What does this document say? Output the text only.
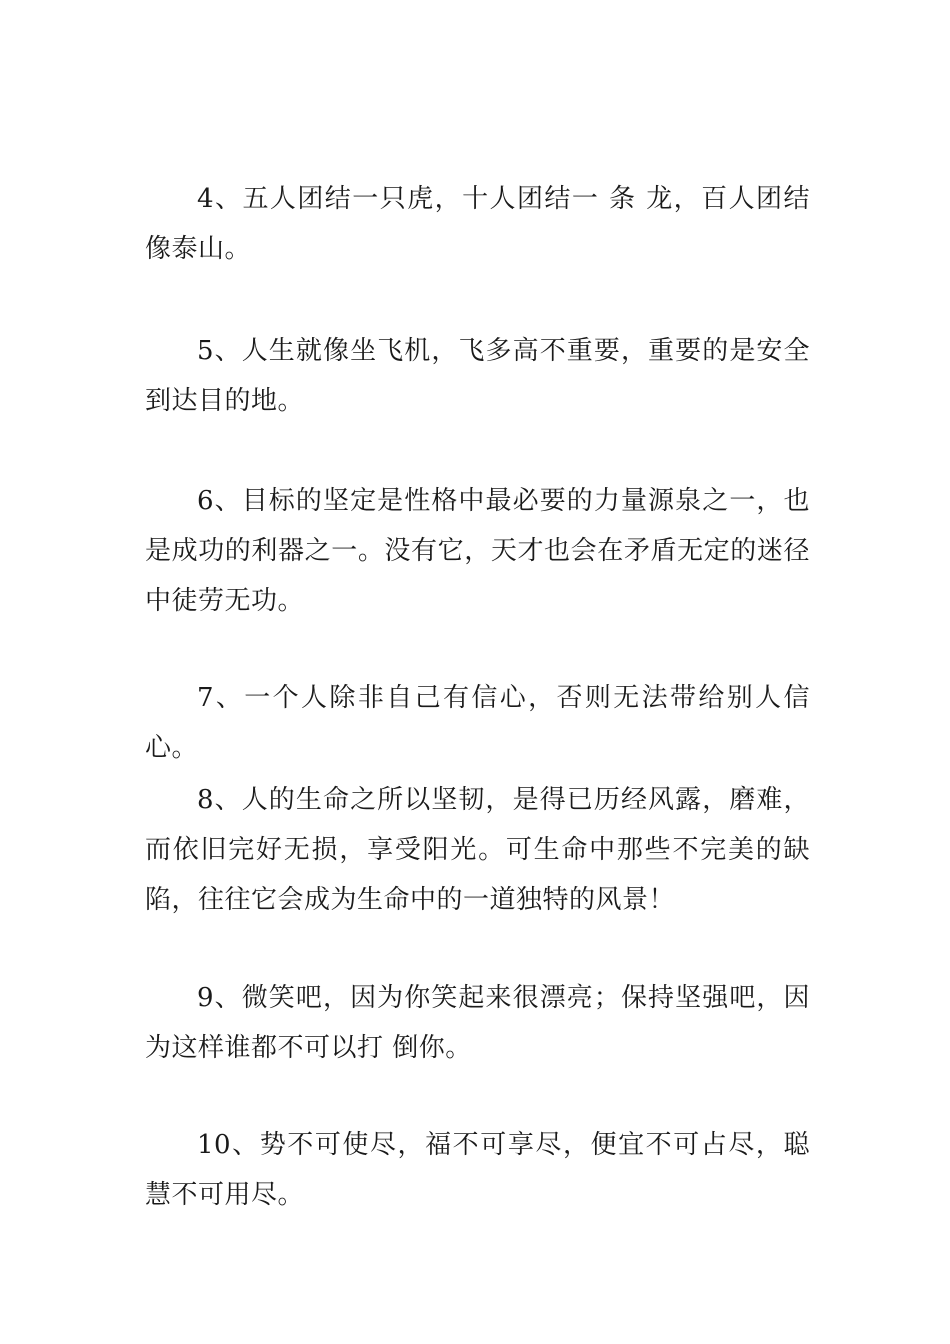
4、五人团结一只虎，十人团结一 条 龙，百人团结像泰山。

5、人生就像坐飞机，飞多高不重要，重要的是安全到达目的地。

6、目标的坚定是性格中最必要的力量源泉之一，也是成功的利器之一。没有它，天才也会在矛盾无定的迷径中徒劳无功。

7、一个人除非自己有信心，否则无法带给别人信心。

8、人的生命之所以坚韧，是得已历经风露，磨难，而依旧完好无损，享受阳光。可生命中那些不完美的缺陷，往往它会成为生命中的一道独特的风景！

9、微笑吧，因为你笑起来很漂亮；保持坚强吧，因为这样谁都不可以打 倒你。

10、势不可使尽，福不可享尽，便宜不可占尽，聪慧不可用尽。
